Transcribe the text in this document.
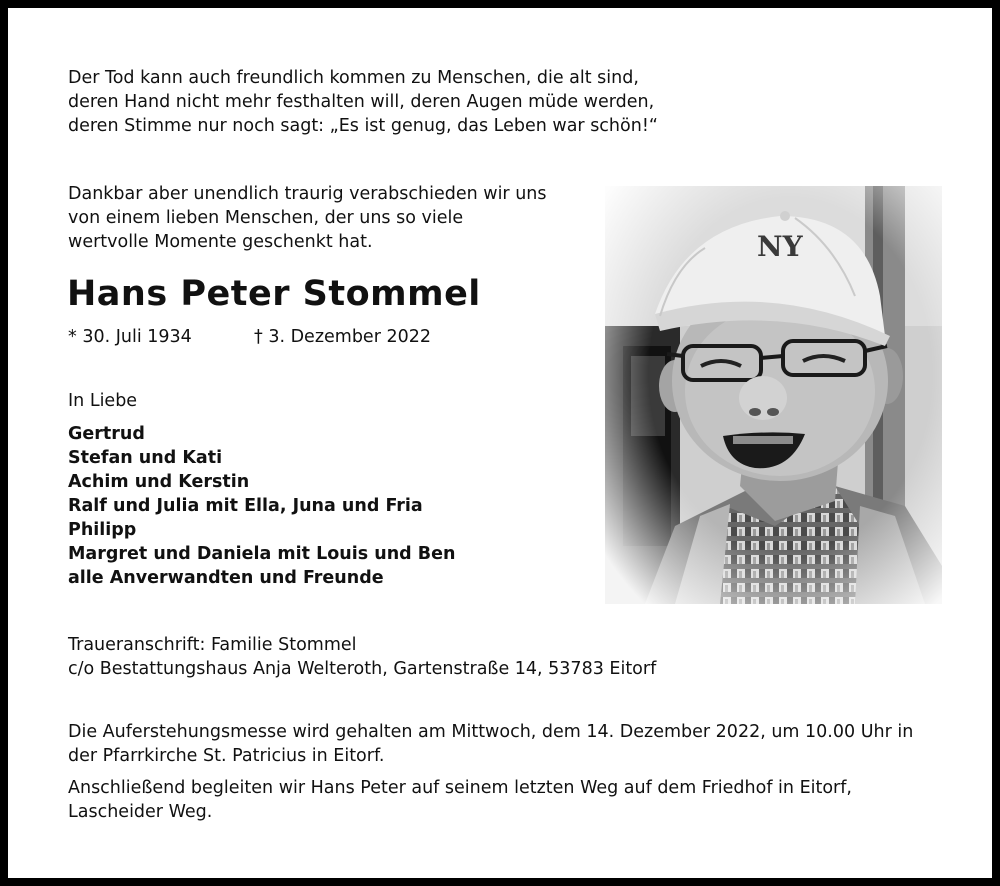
Der Tod kann auch freundlich kommen zu Menschen, die alt sind,
deren Hand nicht mehr festhalten will, deren Augen müde werden,
deren Stimme nur noch sagt: „Es ist genug, das Leben war schön!“
Dankbar aber unendlich traurig verabschieden wir uns
von einem lieben Menschen, der uns so viele
wertvolle Momente geschenkt hat.
Hans Peter Stommel
* 30. Juli 1934	† 3. Dezember 2022
In Liebe
Gertrud
Stefan und Kati
Achim und Kerstin
Ralf und Julia mit Ella, Juna und Fria
Philipp
Margret und Daniela mit Louis und Ben
alle Anverwandten und Freunde
Traueranschrift: Familie Stommel
c/o Bestattungshaus Anja Welteroth, Gartenstraße 14, 53783 Eitorf

Die Auferstehungsmesse wird gehalten am Mittwoch, dem 14. Dezember 2022, um 10.00 Uhr in der Pfarrkirche St. Patricius in Eitorf.

Anschließend begleiten wir Hans Peter auf seinem letzten Weg auf dem Friedhof in Eitorf, Lascheider Weg.
